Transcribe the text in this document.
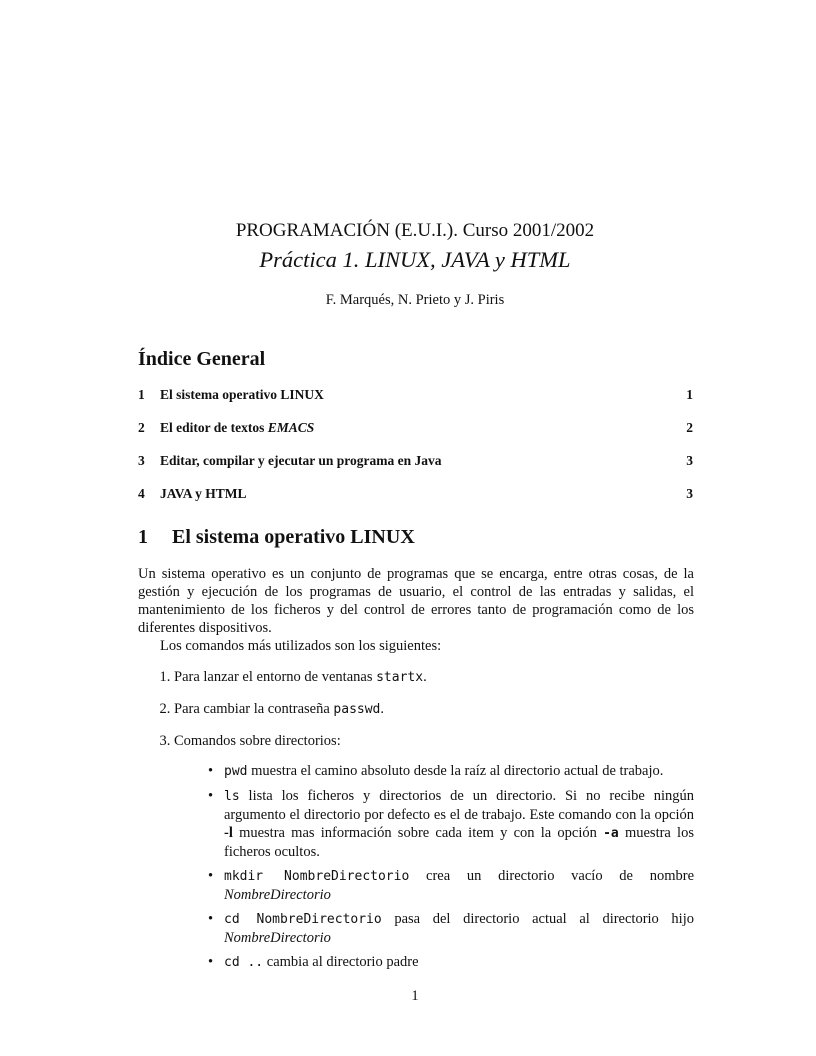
PROGRAMACIÓN (E.U.I.). Curso 2001/2002
Práctica 1. LINUX, JAVA y HTML
F. Marqués, N. Prieto y J. Piris
Índice General
1	El sistema operativo LINUX	1
2	El editor de textos EMACS	2
3	Editar, compilar y ejecutar un programa en Java	3
4	JAVA y HTML	3
1 El sistema operativo LINUX

Un sistema operativo es un conjunto de programas que se encarga, entre otras cosas, de la gestión y ejecución de los programas de usuario, el control de las entradas y salidas, el mantenimiento de los ficheros y del control de errores tanto de programación como de los diferentes dispositivos.

Los comandos más utilizados son los siguientes:

1. Para lanzar el entorno de ventanas startx.
2. Para cambiar la contraseña passwd.
3. Comandos sobre directorios:
• pwd muestra el camino absoluto desde la raíz al directorio actual de trabajo.
• ls lista los ficheros y directorios de un directorio. Si no recibe ningún argumento el directorio por defecto es el de trabajo. Este comando con la opción -l muestra mas información sobre cada item y con la opción -a muestra los ficheros ocultos.
• mkdir NombreDirectorio crea un directorio vacío de nombre NombreDirectorio
• cd NombreDirectorio pasa del directorio actual al directorio hijo NombreDirectorio
• cd .. cambia al directorio padre
1
